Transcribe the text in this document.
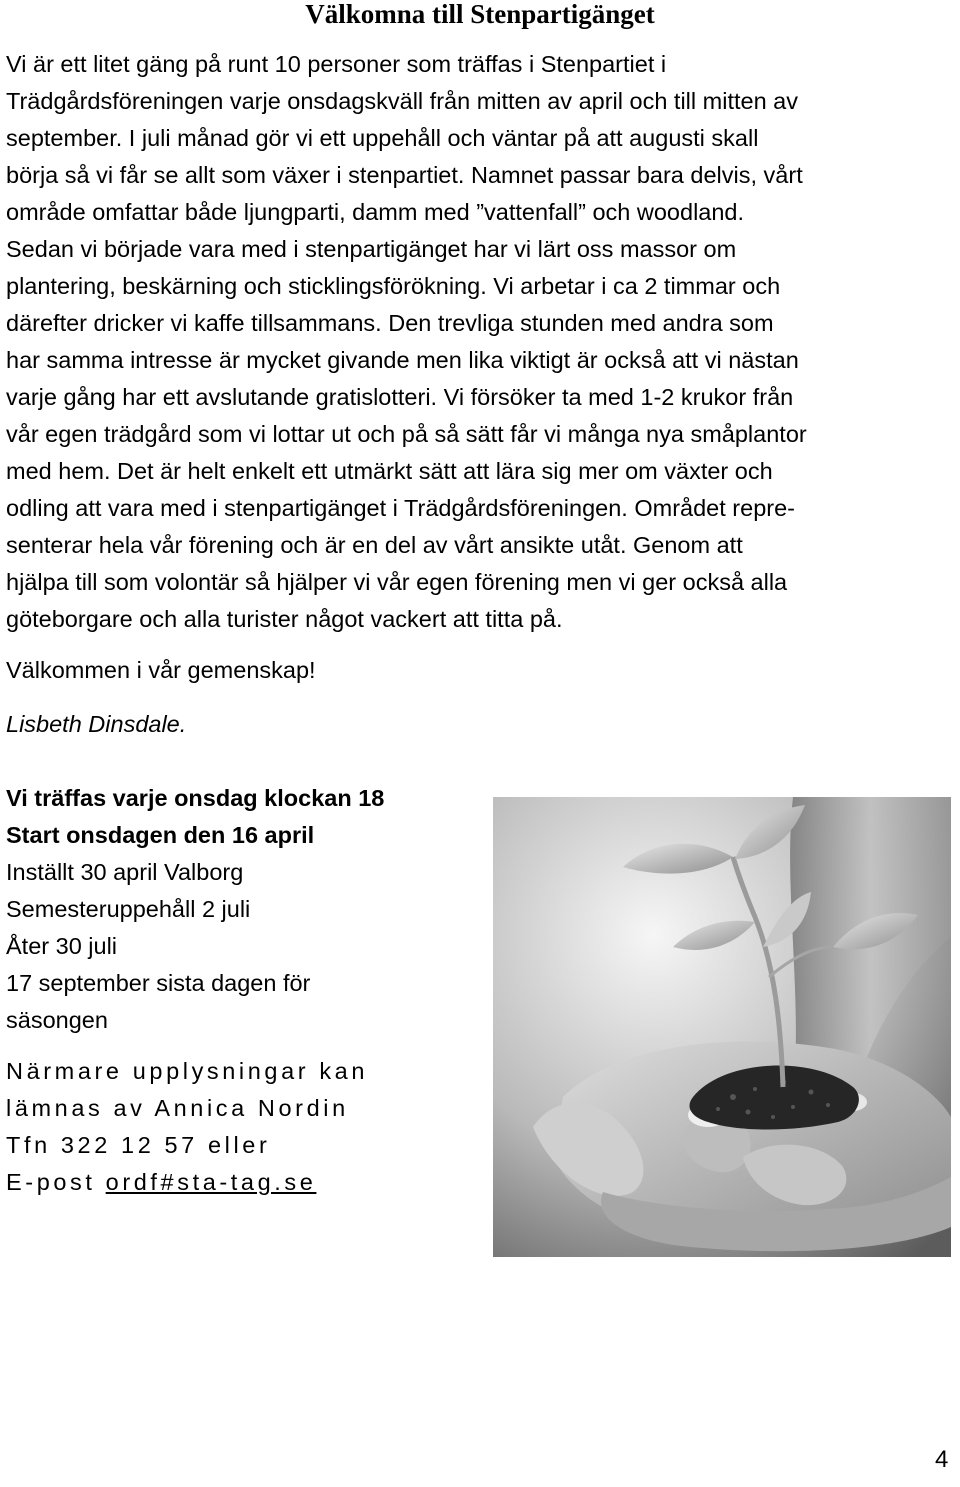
Välkomna till Stenpartigänget
Vi är ett litet gäng på runt 10 personer som träffas i Stenpartiet i
Trädgårdsföreningen varje onsdagskväll från mitten av april och till mitten av
september. I juli månad gör vi ett uppehåll och väntar på att augusti skall
börja så vi får se allt som växer i stenpartiet. Namnet passar bara delvis, vårt
område omfattar både ljungparti, damm med ”vattenfall” och woodland.
Sedan vi började vara med i stenpartigänget har vi lärt oss massor om
plantering, beskärning och sticklingsförökning. Vi arbetar i ca 2 timmar och
därefter dricker vi kaffe tillsammans. Den trevliga stunden med andra som
har samma intresse är mycket givande men lika viktigt är också att vi nästan
varje gång har ett avslutande gratislotteri. Vi försöker ta med 1-2 krukor från
vår egen trädgård som vi lottar ut och på så sätt får vi många nya småplantor
med hem. Det är helt enkelt ett utmärkt sätt att lära sig mer om växter och
odling att vara med i stenpartigänget i Trädgårdsföreningen. Området repre-
senterar hela vår förening och är en del av vårt ansikte utåt. Genom att
hjälpa till som volontär så hjälper vi vår egen förening men vi ger också alla
göteborgare och alla turister något vackert att titta på.
Välkommen i vår gemenskap!
Lisbeth Dinsdale.
Vi träffas varje onsdag klockan 18
Start onsdagen den 16 april
Inställt 30 april Valborg
Semesteruppehåll 2 juli
Åter 30 juli
17 september sista dagen för
säsongen
Närmare upplysningar kan
lämnas av Annica Nordin
Tfn 322 12 57 eller
E-post ordf#sta-tag.se
4
